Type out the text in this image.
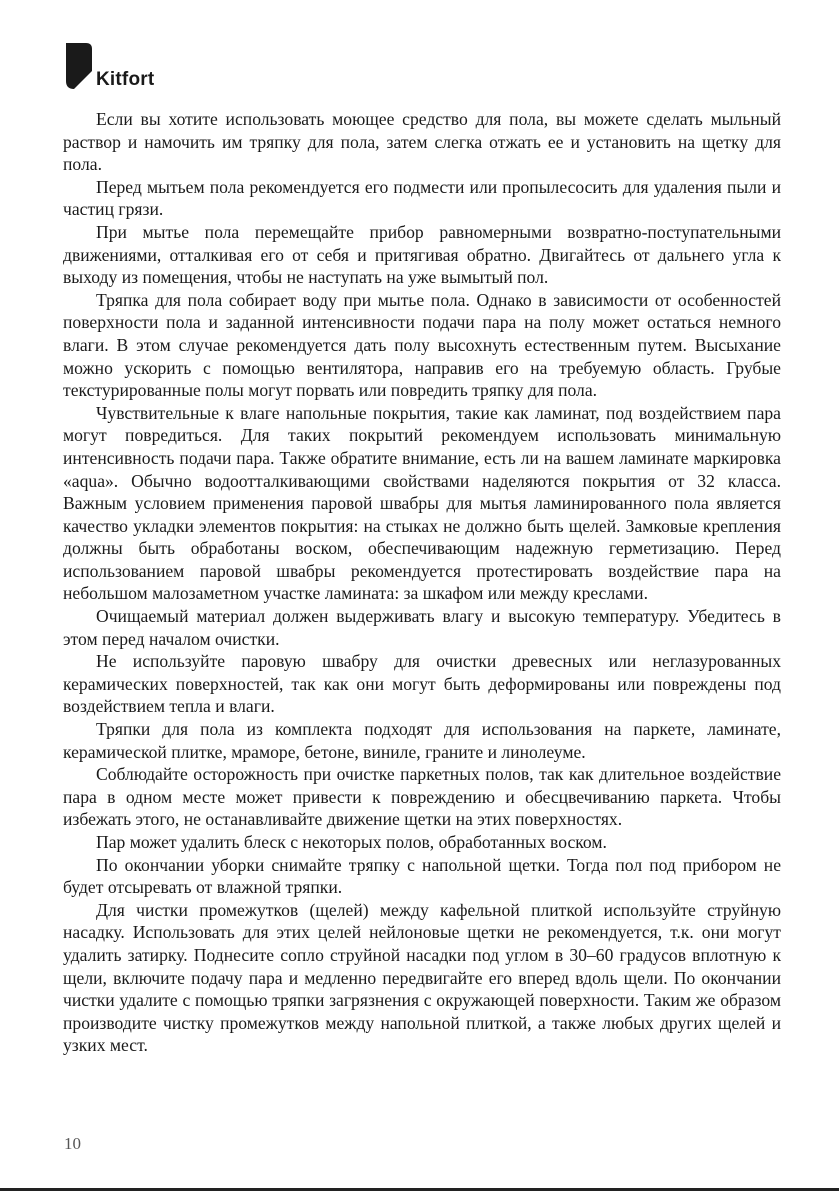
Kitfort

Если вы хотите использовать моющее средство для пола, вы можете сделать мыльный раствор и намочить им тряпку для пола, затем слегка отжать ее и установить на щетку для пола.

Перед мытьем пола рекомендуется его подмести или пропылесосить для удаления пыли и частиц грязи.

При мытье пола перемещайте прибор равномерными возвратно-поступательными движениями, отталкивая его от себя и притягивая обратно. Двигайтесь от дальнего угла к выходу из помещения, чтобы не наступать на уже вымытый пол.

Тряпка для пола собирает воду при мытье пола. Однако в зависимости от особенностей поверхности пола и заданной интенсивности подачи пара на полу может остаться немного влаги. В этом случае рекомендуется дать полу высохнуть естественным путем. Высыхание можно ускорить с помощью вентилятора, направив его на требуемую область. Грубые текстурированные полы могут порвать или повредить тряпку для пола.

Чувствительные к влаге напольные покрытия, такие как ламинат, под воздействием пара могут повредиться. Для таких покрытий рекомендуем использовать минимальную интенсивность подачи пара. Также обратите внимание, есть ли на вашем ламинате маркировка «aqua». Обычно водоотталкивающими свойствами наделяются покрытия от 32 класса. Важным условием применения паровой швабры для мытья ламинированного пола является качество укладки элементов покрытия: на стыках не должно быть щелей. Замковые крепления должны быть обработаны воском, обеспечивающим надежную герметизацию. Перед использованием паровой швабры рекомендуется протестировать воздействие пара на небольшом малозаметном участке ламината: за шкафом или между креслами.

Очищаемый материал должен выдерживать влагу и высокую температуру. Убедитесь в этом перед началом очистки.

Не используйте паровую швабру для очистки древесных или неглазурованных керамических поверхностей, так как они могут быть деформированы или повреждены под воздействием тепла и влаги.

Тряпки для пола из комплекта подходят для использования на паркете, ламинате, керамической плитке, мраморе, бетоне, виниле, граните и линолеуме.

Соблюдайте осторожность при очистке паркетных полов, так как длительное воздействие пара в одном месте может привести к повреждению и обесцвечиванию паркета. Чтобы избежать этого, не останавливайте движение щетки на этих поверхностях.

Пар может удалить блеск с некоторых полов, обработанных воском.

По окончании уборки снимайте тряпку с напольной щетки. Тогда пол под прибором не будет отсыревать от влажной тряпки.

Для чистки промежутков (щелей) между кафельной плиткой используйте струйную насадку. Использовать для этих целей нейлоновые щетки не рекомендуется, т.к. они могут удалить затирку. Поднесите сопло струйной насадки под углом в 30–60 градусов вплотную к щели, включите подачу пара и медленно передвигайте его вперед вдоль щели. По окончании чистки удалите с помощью тряпки загрязнения с окружающей поверхности. Таким же образом производите чистку промежутков между напольной плиткой, а также любых других щелей и узких мест.

10
